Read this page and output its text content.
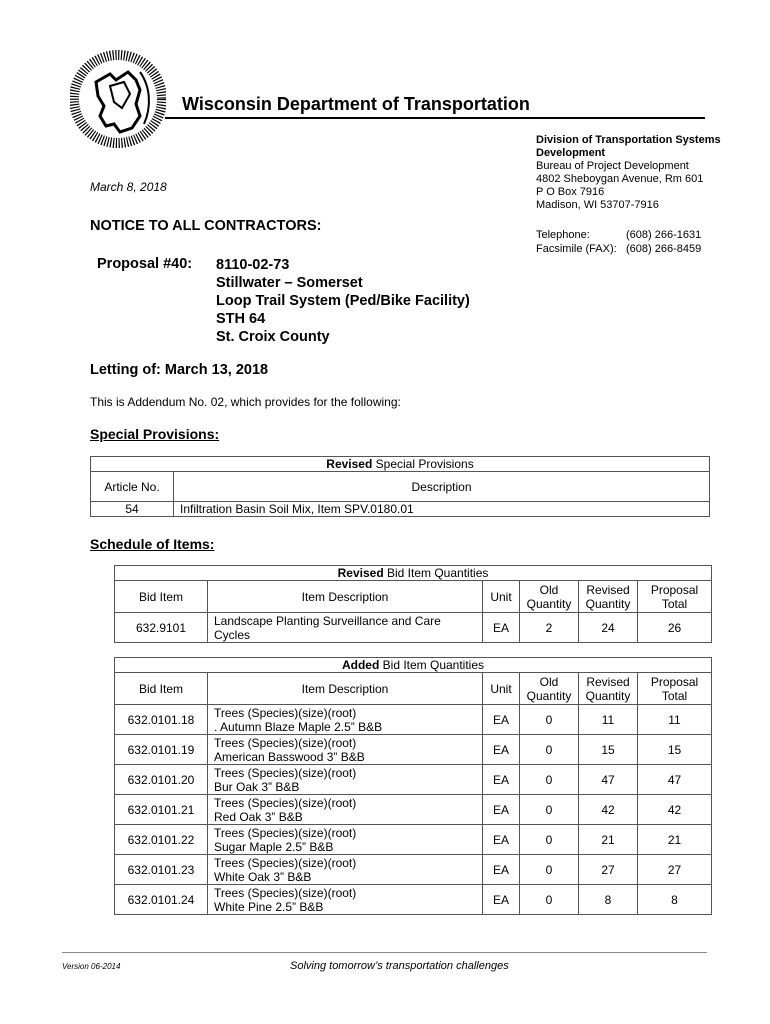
Wisconsin Department of Transportation
Division of Transportation Systems
Development
Bureau of Project Development
4802 Sheboygan Avenue, Rm 601
P O Box 7916
Madison, WI 53707-7916
Telephone:	(608) 266-1631
Facsimile (FAX): (608) 266-8459
March 8, 2018
NOTICE TO ALL CONTRACTORS:
Proposal #40: 8110-02-73
Stillwater – Somerset
Loop Trail System (Ped/Bike Facility)
STH 64
St. Croix County
Letting of: March 13, 2018
This is Addendum No. 02, which provides for the following:
Special Provisions:
Revised Special Provisions	
Article No.	Description
54	Infiltration Basin Soil Mix, Item SPV.0180.01
Schedule of Items:
Revised Bid Item Quantities					
Bid Item	Item Description	Unit	Old Quantity	Revised Quantity	Proposal Total
632.9101	Landscape Planting Surveillance and Care Cycles	EA	2	24	26
Added Bid Item Quantities					
Bid Item	Item Description	Unit	Old Quantity	Revised Quantity	Proposal Total
632.0101.18	Trees (Species)(size)(root)
. Autumn Blaze Maple 2.5” B&B	EA	0	11	11
632.0101.19	Trees (Species)(size)(root)
American Basswood 3” B&B	EA	0	15	15
632.0101.20	Trees (Species)(size)(root)
Bur Oak 3” B&B	EA	0	47	47
632.0101.21	Trees (Species)(size)(root)
Red Oak 3” B&B	EA	0	42	42
632.0101.22	Trees (Species)(size)(root)
Sugar Maple 2.5” B&B	EA	0	21	21
632.0101.23	Trees (Species)(size)(root)
White Oak 3” B&B	EA	0	27	27
632.0101.24	Trees (Species)(size)(root)
White Pine 2.5” B&B	EA	0	8	8
Version 06-2014	Solving tomorrow’s transportation challenges
